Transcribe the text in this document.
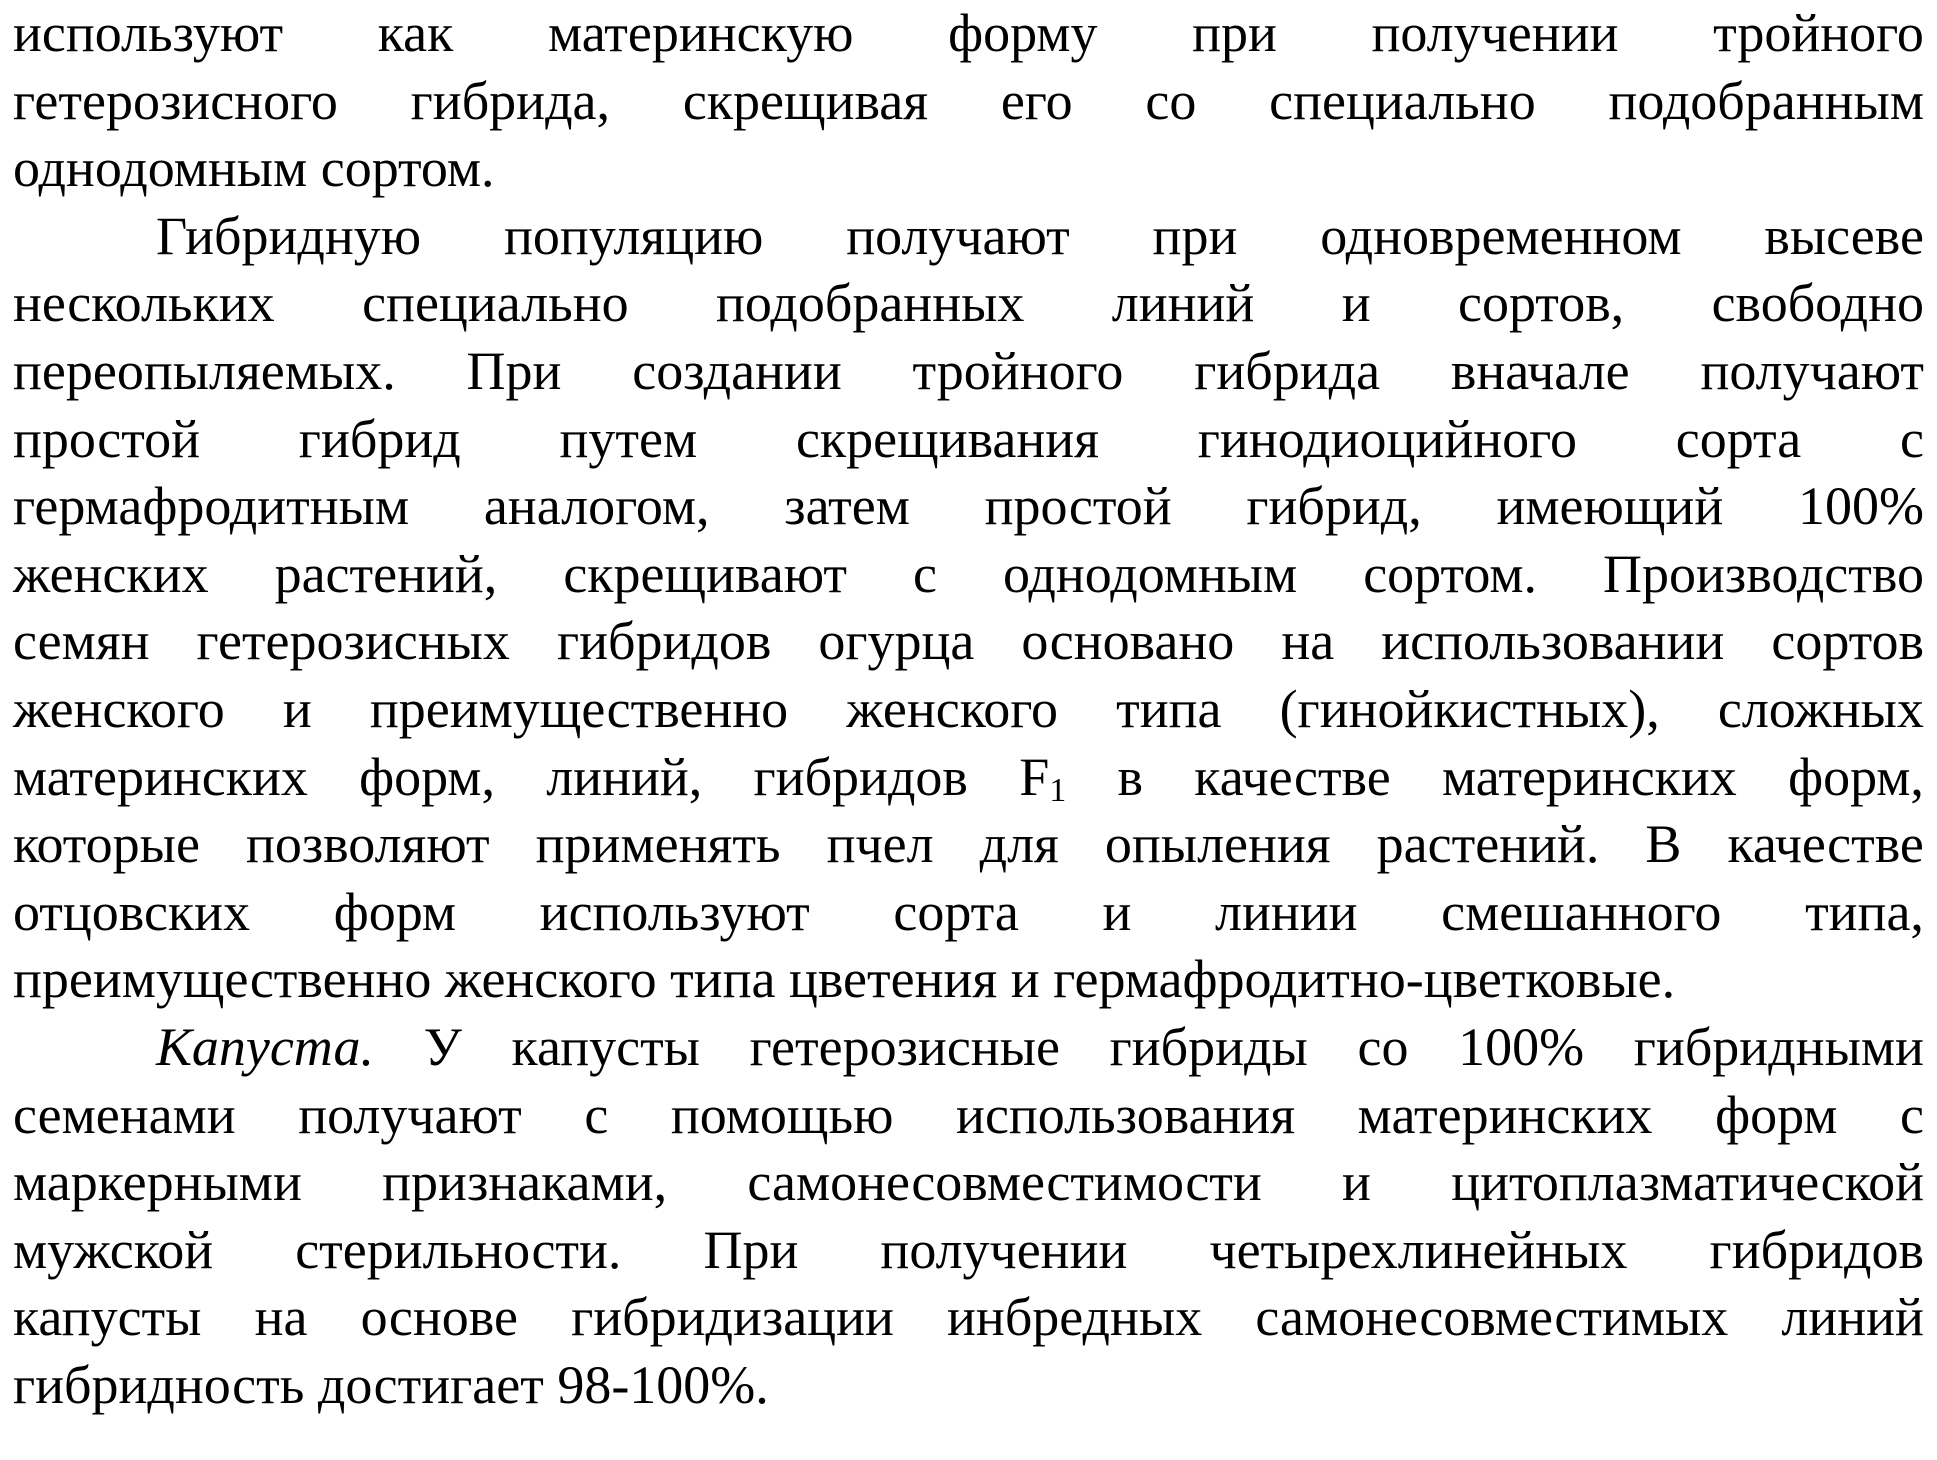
используют как материнскую форму при получении тройного
гетерозисного гибрида, скрещивая его со специально подобранным
однодомным
сортом.
Гибридную популяцию получают при одновременном высеве
нескольких специально подобранных линий и сортов, свободно
переопыляемых. При создании тройного гибрида вначале получают
простой гибрид путем скрещивания гинодиоцийного сорта с
гермафродитным аналогом, затем простой гибрид, имеющий 100%
женских растений, скрещивают с однодомным сортом. Производство
семян гетерозисных гибридов огурца основано на использовании сортов
женского и преимущественно женского типа (гинойкистных), сложных
материнских форм, линий, гибридов F1 в качестве материнских форм,
которые позволяют применять пчел для опыления растений. В качестве
отцовских форм используют сорта и линии смешанного типа,
преимущественно
женского
типа
цветения
и
гермафродитно-цветковые.
Капуста. У капусты гетерозисные гибриды со 100% гибридными
семенами получают с помощью использования материнских форм с
маркерными признаками, самонесовместимости и цитоплазматической
мужской стерильности. При получении четырехлинейных гибридов
капусты на основе гибридизации инбредных самонесовместимых линий
гибридность
достигает
98-100%.
